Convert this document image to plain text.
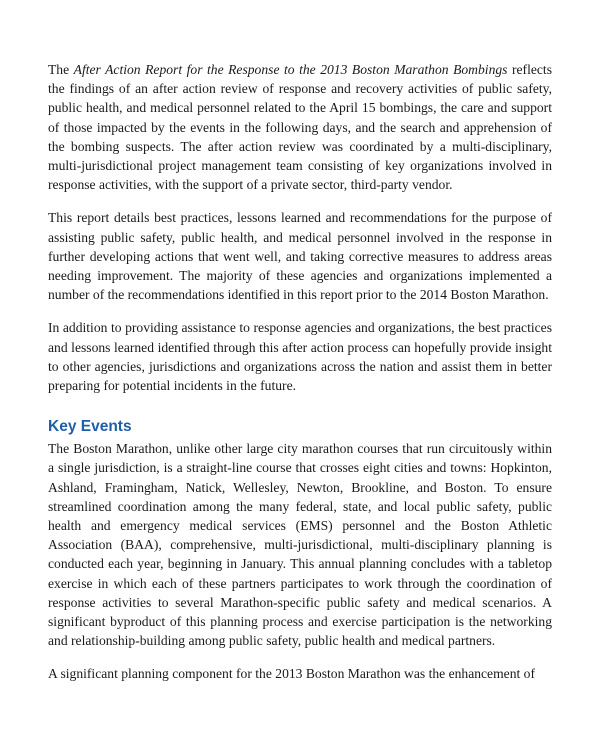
The After Action Report for the Response to the 2013 Boston Marathon Bombings reflects the findings of an after action review of response and recovery activities of public safety, public health, and medical personnel related to the April 15 bombings, the care and support of those impacted by the events in the following days, and the search and apprehension of the bombing suspects. The after action review was coordinated by a multi-disciplinary, multi-jurisdictional project management team consisting of key organizations involved in response activities, with the support of a private sector, third-party vendor.

This report details best practices, lessons learned and recommendations for the purpose of assisting public safety, public health, and medical personnel involved in the response in further developing actions that went well, and taking corrective measures to address areas needing improvement. The majority of these agencies and organizations implemented a number of the recommendations identified in this report prior to the 2014 Boston Marathon.

In addition to providing assistance to response agencies and organizations, the best practices and lessons learned identified through this after action process can hopefully provide insight to other agencies, jurisdictions and organizations across the nation and assist them in better preparing for potential incidents in the future.

Key Events

The Boston Marathon, unlike other large city marathon courses that run circuitously within a single jurisdiction, is a straight-line course that crosses eight cities and towns: Hopkinton, Ashland, Framingham, Natick, Wellesley, Newton, Brookline, and Boston. To ensure streamlined coordination among the many federal, state, and local public safety, public health and emergency medical services (EMS) personnel and the Boston Athletic Association (BAA), comprehensive, multi-jurisdictional, multi-disciplinary planning is conducted each year, beginning in January. This annual planning concludes with a tabletop exercise in which each of these partners participates to work through the coordination of response activities to several Marathon-specific public safety and medical scenarios. A significant byproduct of this planning process and exercise participation is the networking and relationship-building among public safety, public health and medical partners.

A significant planning component for the 2013 Boston Marathon was the enhancement of
